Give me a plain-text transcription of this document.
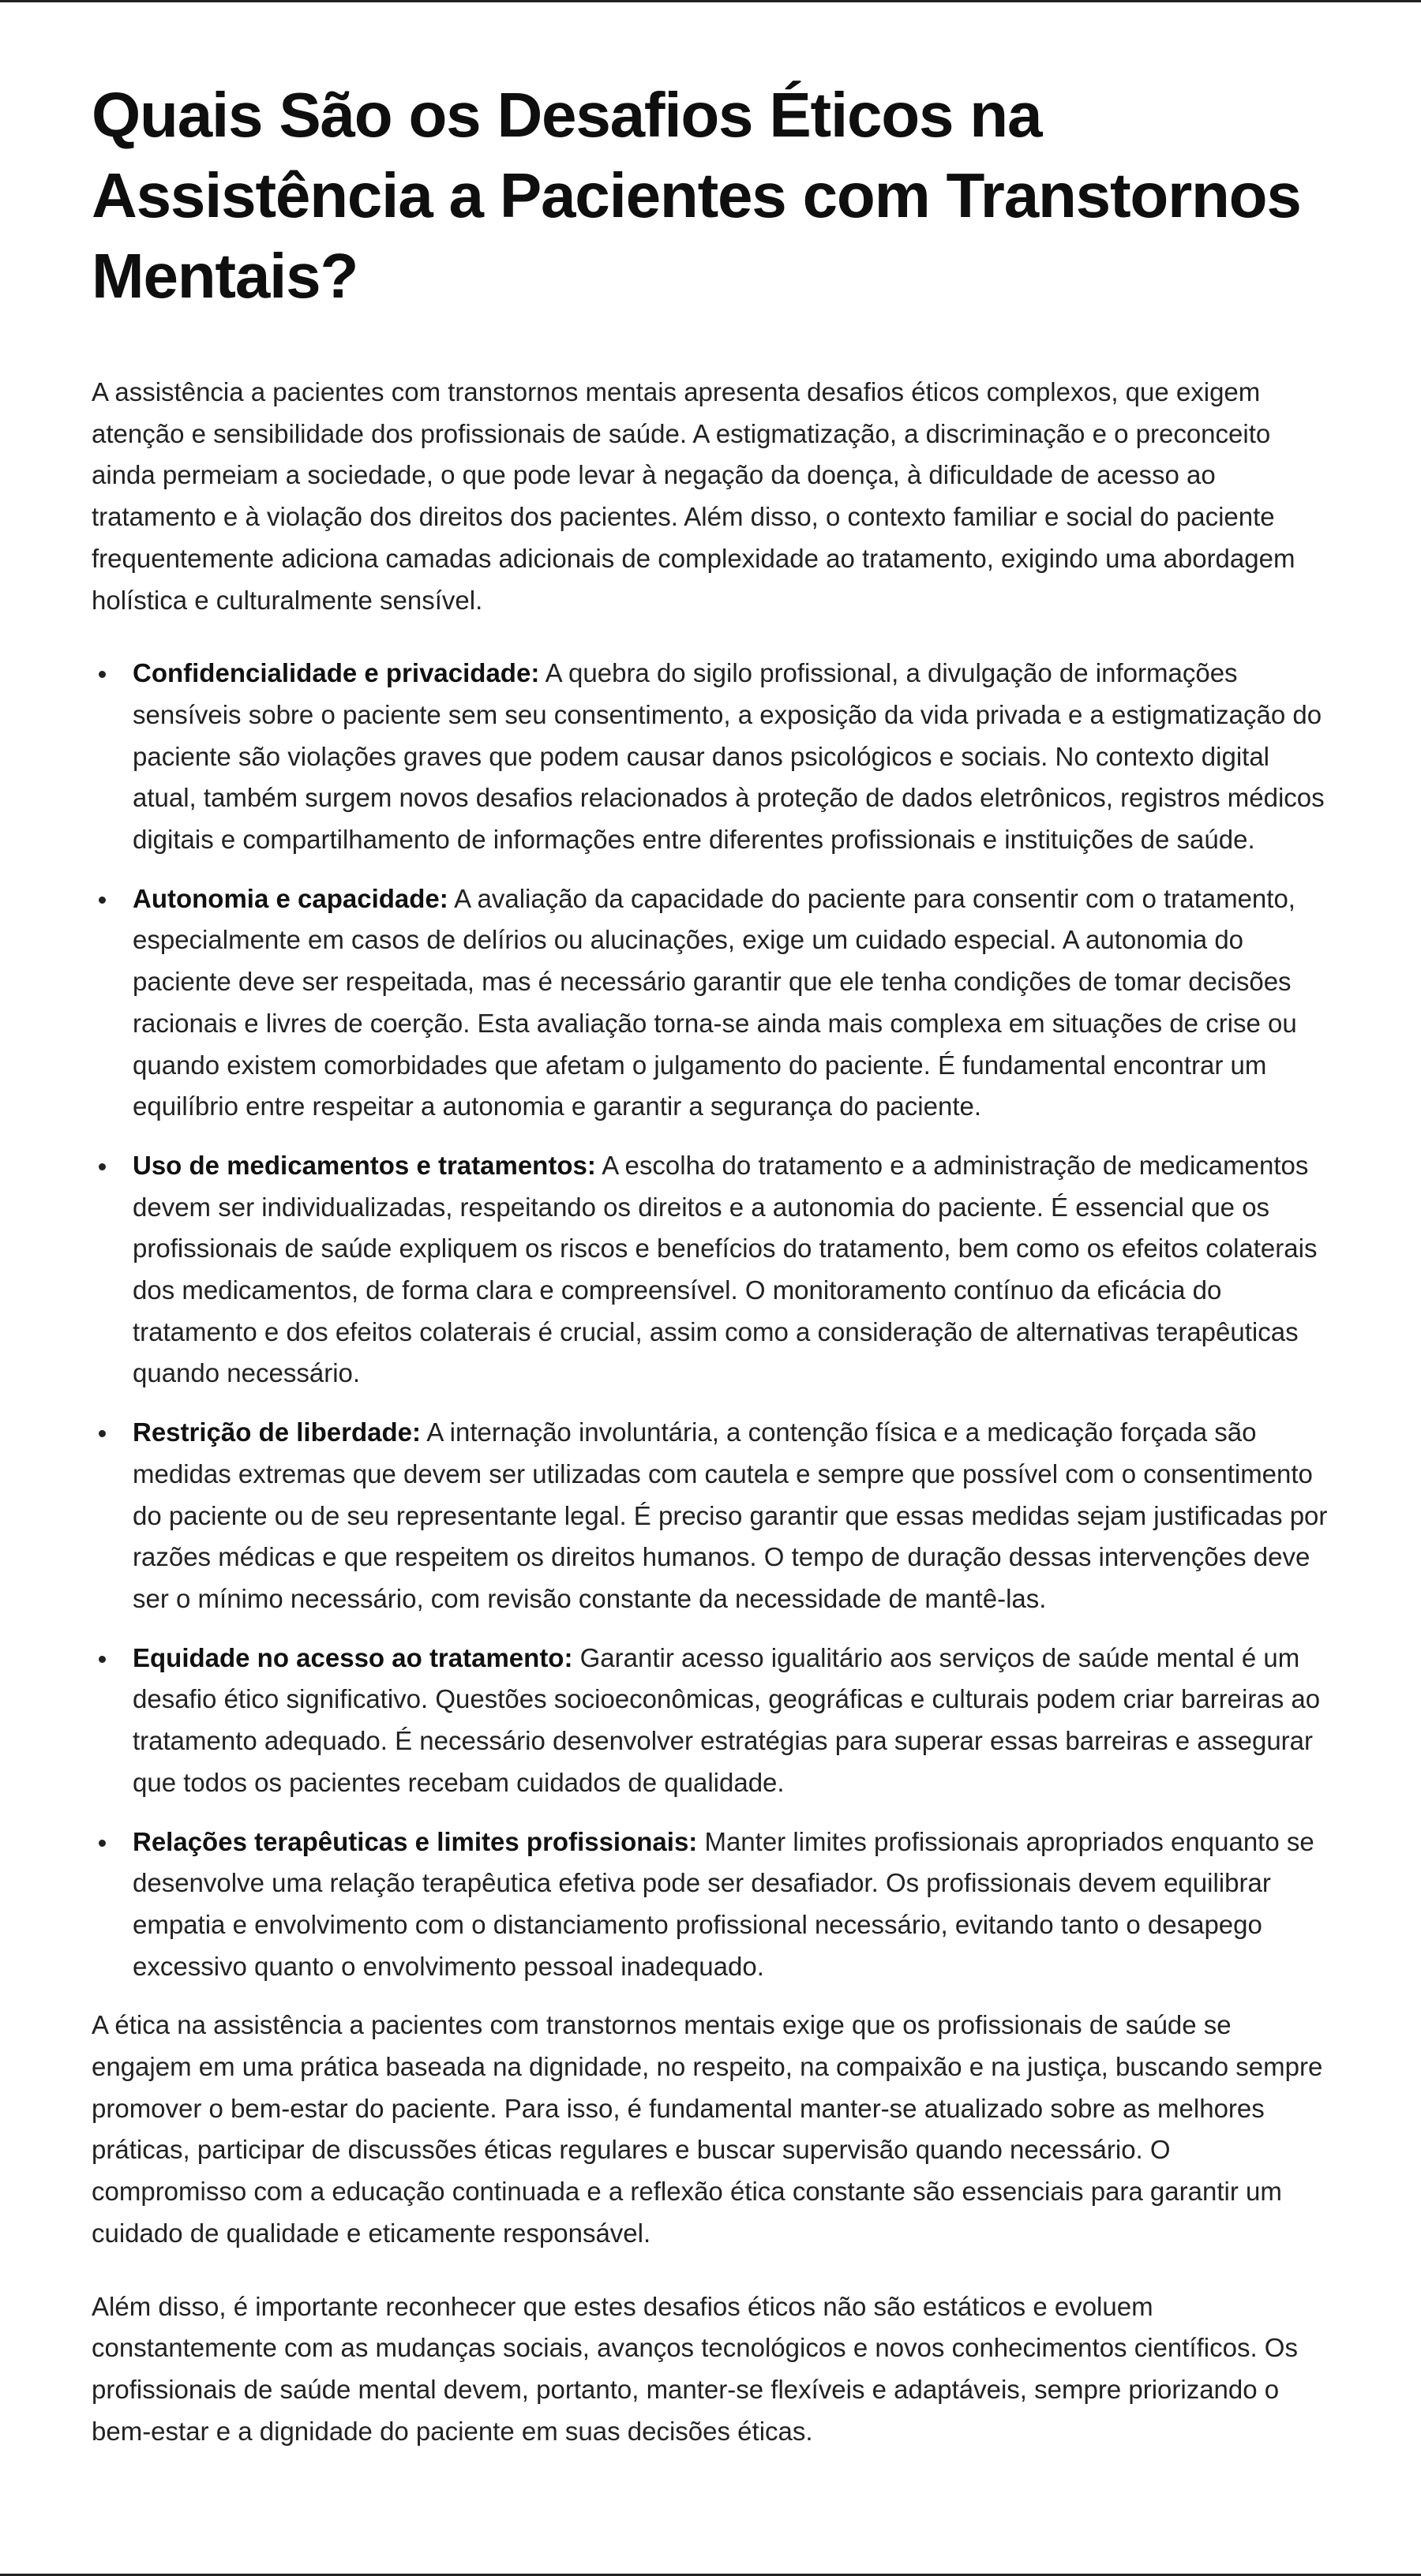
Quais São os Desafios Éticos na Assistência a Pacientes com Transtornos Mentais?

A assistência a pacientes com transtornos mentais apresenta desafios éticos complexos, que exigem atenção e sensibilidade dos profissionais de saúde. A estigmatização, a discriminação e o preconceito ainda permeiam a sociedade, o que pode levar à negação da doença, à dificuldade de acesso ao tratamento e à violação dos direitos dos pacientes. Além disso, o contexto familiar e social do paciente frequentemente adiciona camadas adicionais de complexidade ao tratamento, exigindo uma abordagem holística e culturalmente sensível.

Confidencialidade e privacidade: A quebra do sigilo profissional, a divulgação de informações sensíveis sobre o paciente sem seu consentimento, a exposição da vida privada e a estigmatização do paciente são violações graves que podem causar danos psicológicos e sociais. No contexto digital atual, também surgem novos desafios relacionados à proteção de dados eletrônicos, registros médicos digitais e compartilhamento de informações entre diferentes profissionais e instituições de saúde.
Autonomia e capacidade: A avaliação da capacidade do paciente para consentir com o tratamento, especialmente em casos de delírios ou alucinações, exige um cuidado especial. A autonomia do paciente deve ser respeitada, mas é necessário garantir que ele tenha condições de tomar decisões racionais e livres de coerção. Esta avaliação torna-se ainda mais complexa em situações de crise ou quando existem comorbidades que afetam o julgamento do paciente. É fundamental encontrar um equilíbrio entre respeitar a autonomia e garantir a segurança do paciente.
Uso de medicamentos e tratamentos: A escolha do tratamento e a administração de medicamentos devem ser individualizadas, respeitando os direitos e a autonomia do paciente. É essencial que os profissionais de saúde expliquem os riscos e benefícios do tratamento, bem como os efeitos colaterais dos medicamentos, de forma clara e compreensível. O monitoramento contínuo da eficácia do tratamento e dos efeitos colaterais é crucial, assim como a consideração de alternativas terapêuticas quando necessário.
Restrição de liberdade: A internação involuntária, a contenção física e a medicação forçada são medidas extremas que devem ser utilizadas com cautela e sempre que possível com o consentimento do paciente ou de seu representante legal. É preciso garantir que essas medidas sejam justificadas por razões médicas e que respeitem os direitos humanos. O tempo de duração dessas intervenções deve ser o mínimo necessário, com revisão constante da necessidade de mantê-las.
Equidade no acesso ao tratamento: Garantir acesso igualitário aos serviços de saúde mental é um desafio ético significativo. Questões socioeconômicas, geográficas e culturais podem criar barreiras ao tratamento adequado. É necessário desenvolver estratégias para superar essas barreiras e assegurar que todos os pacientes recebam cuidados de qualidade.
Relações terapêuticas e limites profissionais: Manter limites profissionais apropriados enquanto se desenvolve uma relação terapêutica efetiva pode ser desafiador. Os profissionais devem equilibrar empatia e envolvimento com o distanciamento profissional necessário, evitando tanto o desapego excessivo quanto o envolvimento pessoal inadequado.

A ética na assistência a pacientes com transtornos mentais exige que os profissionais de saúde se engajem em uma prática baseada na dignidade, no respeito, na compaixão e na justiça, buscando sempre promover o bem-estar do paciente. Para isso, é fundamental manter-se atualizado sobre as melhores práticas, participar de discussões éticas regulares e buscar supervisão quando necessário. O compromisso com a educação continuada e a reflexão ética constante são essenciais para garantir um cuidado de qualidade e eticamente responsável.

Além disso, é importante reconhecer que estes desafios éticos não são estáticos e evoluem constantemente com as mudanças sociais, avanços tecnológicos e novos conhecimentos científicos. Os profissionais de saúde mental devem, portanto, manter-se flexíveis e adaptáveis, sempre priorizando o bem-estar e a dignidade do paciente em suas decisões éticas.
